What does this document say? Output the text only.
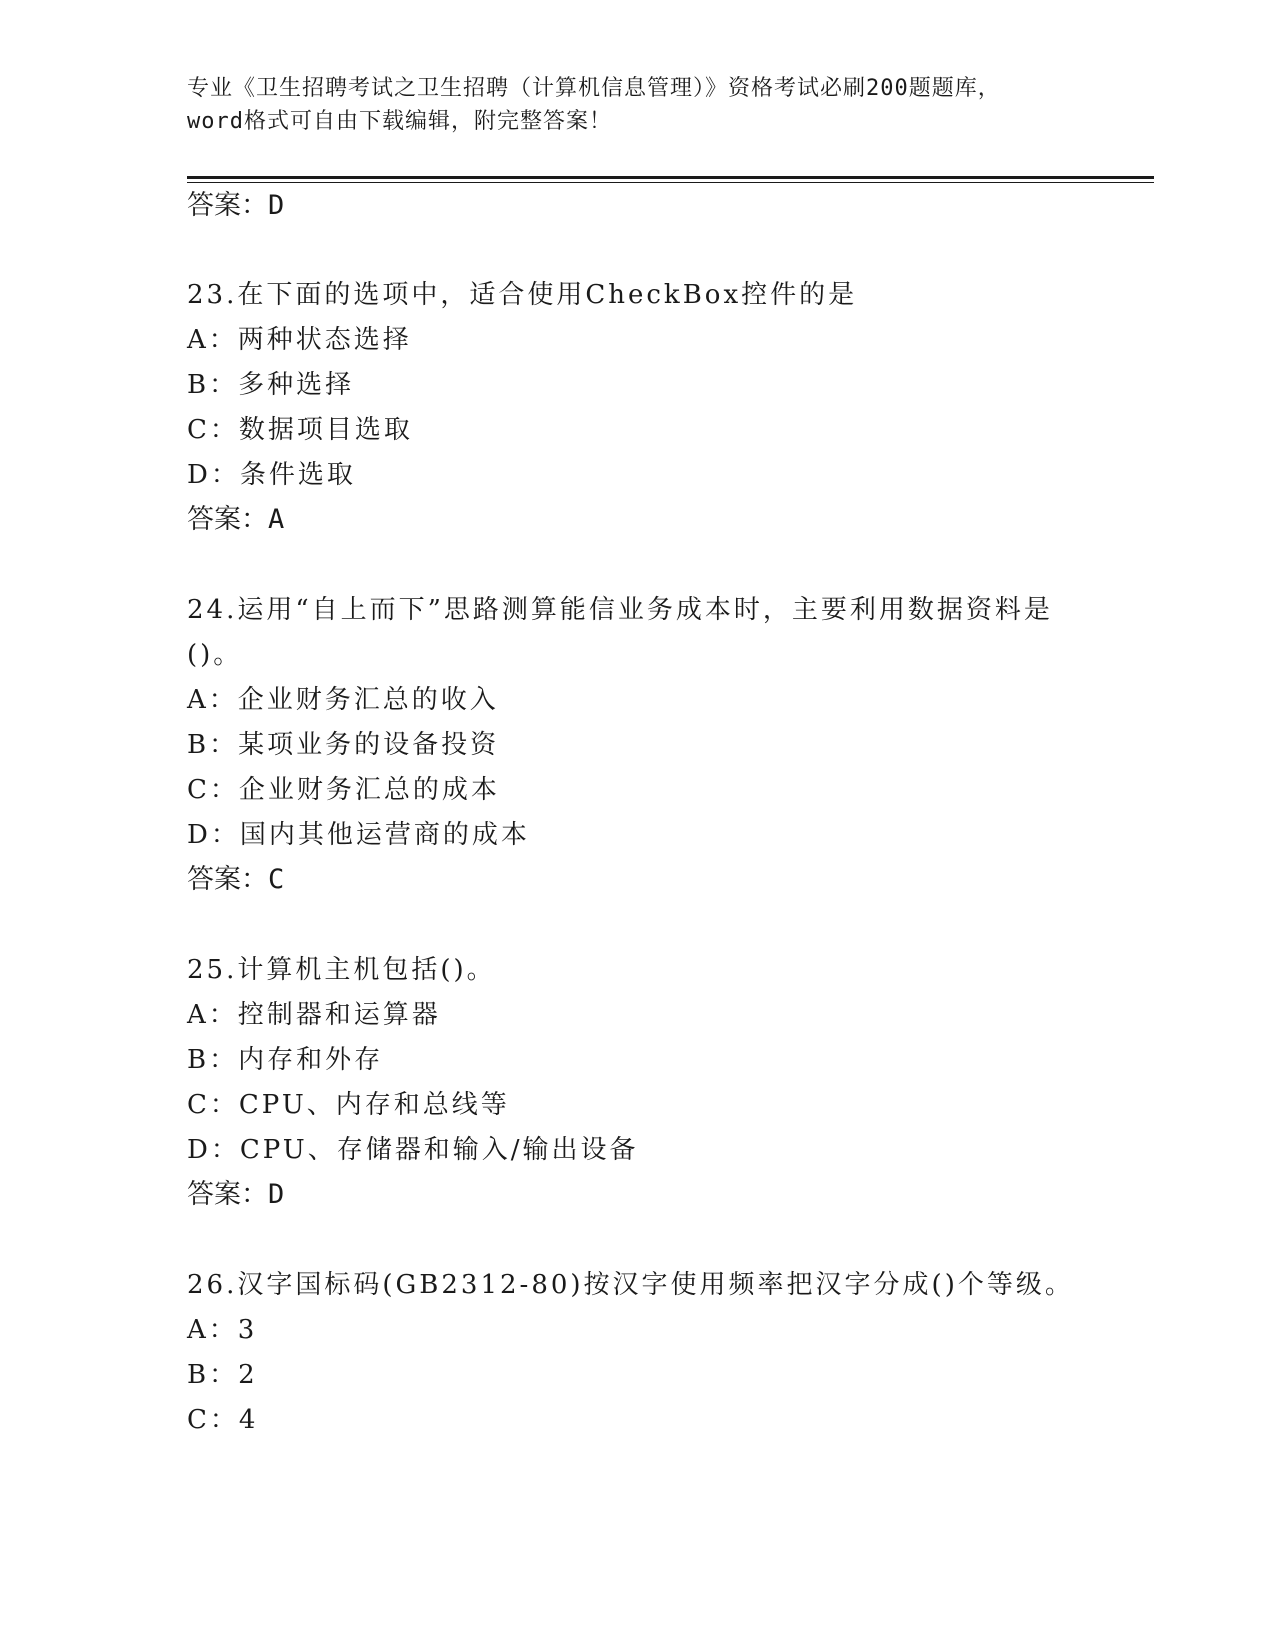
专业《卫生招聘考试之卫生招聘（计算机信息管理）》资格考试必刷200题题库，
word格式可自由下载编辑，附完整答案！
答案：D
23.在下面的选项中，适合使用CheckBox控件的是
A：两种状态选择
B：多种选择
C：数据项目选取
D：条件选取
答案：A
24.运用“自上而下”思路测算能信业务成本时，主要利用数据资料是
()。
A：企业财务汇总的收入
B：某项业务的设备投资
C：企业财务汇总的成本
D：国内其他运营商的成本
答案：C
25.计算机主机包括()。
A：控制器和运算器
B：内存和外存
C：CPU、内存和总线等
D：CPU、存储器和输入/输出设备
答案：D
26.汉字国标码(GB2312-80)按汉字使用频率把汉字分成()个等级。
A：3
B：2
C：4
